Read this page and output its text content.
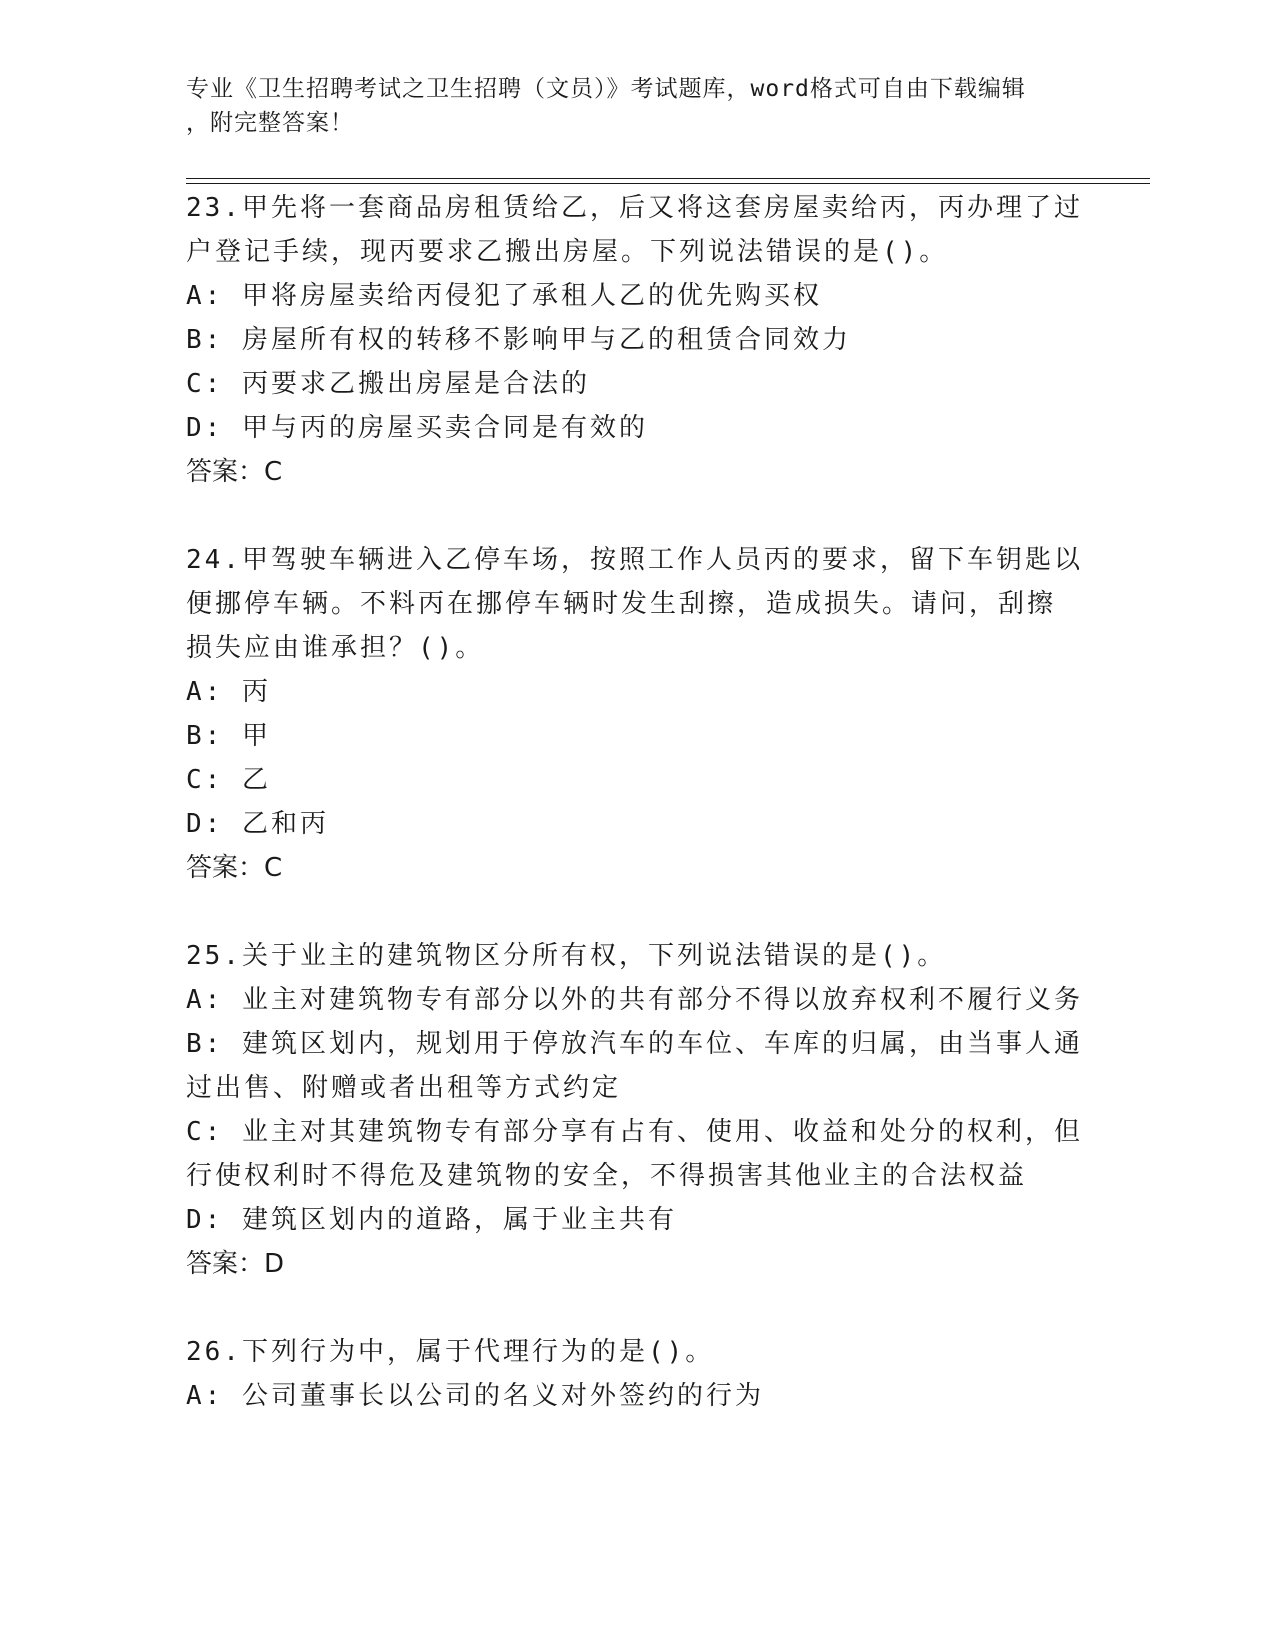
专业《卫生招聘考试之卫生招聘（文员）》考试题库，word格式可自由下载编辑
，附完整答案！
23.甲先将一套商品房租赁给乙，后又将这套房屋卖给丙，丙办理了过
户登记手续，现丙要求乙搬出房屋。下列说法错误的是()。
A: 甲将房屋卖给丙侵犯了承租人乙的优先购买权
B: 房屋所有权的转移不影响甲与乙的租赁合同效力
C: 丙要求乙搬出房屋是合法的
D: 甲与丙的房屋买卖合同是有效的
答案：C
24.甲驾驶车辆进入乙停车场，按照工作人员丙的要求，留下车钥匙以
便挪停车辆。不料丙在挪停车辆时发生刮擦，造成损失。请问，刮擦
损失应由谁承担？()。
A: 丙
B: 甲
C: 乙
D: 乙和丙
答案：C
25.关于业主的建筑物区分所有权，下列说法错误的是()。
A: 业主对建筑物专有部分以外的共有部分不得以放弃权利不履行义务
B: 建筑区划内，规划用于停放汽车的车位、车库的归属，由当事人通
过出售、附赠或者出租等方式约定
C: 业主对其建筑物专有部分享有占有、使用、收益和处分的权利，但
行使权利时不得危及建筑物的安全，不得损害其他业主的合法权益
D: 建筑区划内的道路，属于业主共有
答案：D
26.下列行为中，属于代理行为的是()。
A: 公司董事长以公司的名义对外签约的行为
